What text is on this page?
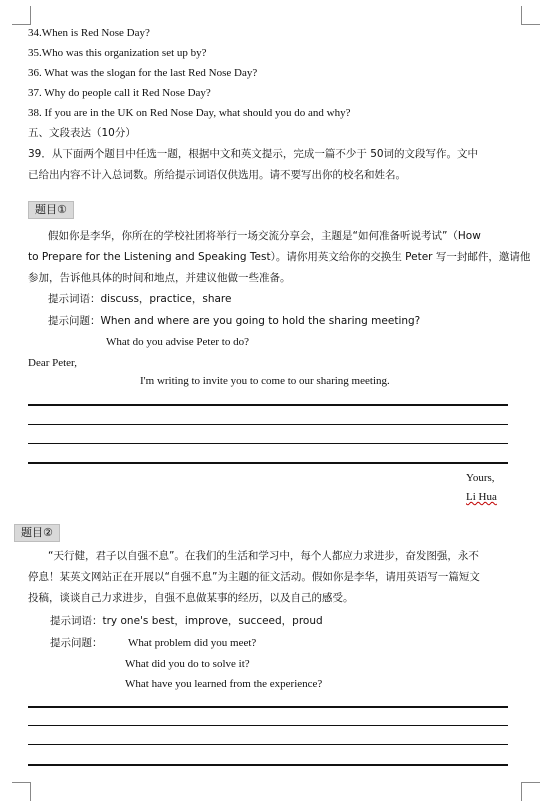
34.When is Red Nose Day?
35.Who was this organization set up by?
36. What was the slogan for the last Red Nose Day?
37. Why do people call it Red Nose Day?
38. If you are in the UK on Red Nose Day, what should you do and why?
五、文段表达（10分）
39．从下面两个题目中任选一题，根据中文和英文提示，完成一篇不少于 50词的文段写作。文中
已给出内容不计入总词数。所给提示词语仅供选用。请不要写出你的校名和姓名。
题目①
假如你是李华，你所在的学校社团将举行一场交流分享会，主题是“如何准备听说考试”（How
to Prepare for the Listening and Speaking Test）。请你用英文给你的交换生 Peter 写一封邮件，邀请他
参加，告诉他具体的时间和地点，并建议他做一些准备。
提示词语：discuss，practice，share
提示问题：When and where are you going to hold the sharing meeting?
What do you advise Peter to do?
Dear Peter,
I'm writing to invite you to come to our sharing meeting.
Yours,
Li Hua
题目②
“天行健，君子以自强不息”。在我们的生活和学习中，每个人都应力求进步，奋发图强，永不
停息！某英文网站正在开展以“自强不息”为主题的征文活动。假如你是李华，请用英语写一篇短文
投稿，谈谈自己力求进步，自强不息做某事的经历，以及自己的感受。
提示词语：try one's best，improve，succeed，proud
提示问题： What problem did you meet?
What did you do to solve it?
What have you learned from the experience?
